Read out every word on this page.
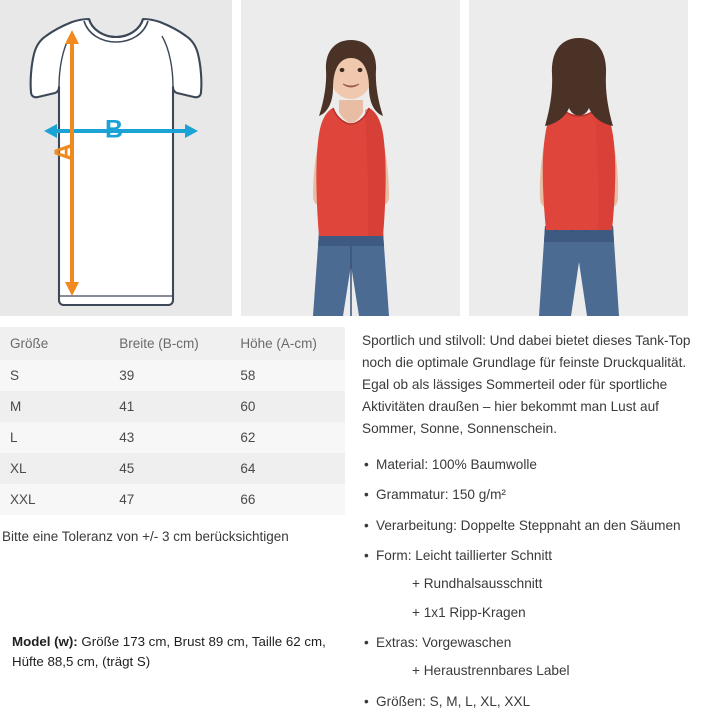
B
A
Größe	Breite (B-cm)	Höhe (A-cm)
S	39	58
M	41	60
L	43	62
XL	45	64
XXL	47	66
Bitte eine Toleranz von +/- 3 cm berücksichtigen

Sportlich und stilvoll: Und dabei bietet dieses Tank-Top noch die optimale Grundlage für feinste Druckqualität. Egal ob als lässiges Sommerteil oder für sportliche Aktivitäten draußen – hier bekommt man Lust auf Sommer, Sonne, Sonnenschein.

• Material: 100% Baumwolle
• Grammatur: 150 g/m²
• Verarbeitung: Doppelte Steppnaht an den Säumen
• Form: Leicht taillierter Schnitt
+ Rundhalsausschnitt
+ 1x1 Ripp-Kragen
• Extras: Vorgewaschen
+ Heraustrennbares Label
• Größen: S, M, L, XL, XXL
Model (w): Größe 173 cm, Brust 89 cm, Taille 62 cm,
Hüfte 88,5 cm, (trägt S)
